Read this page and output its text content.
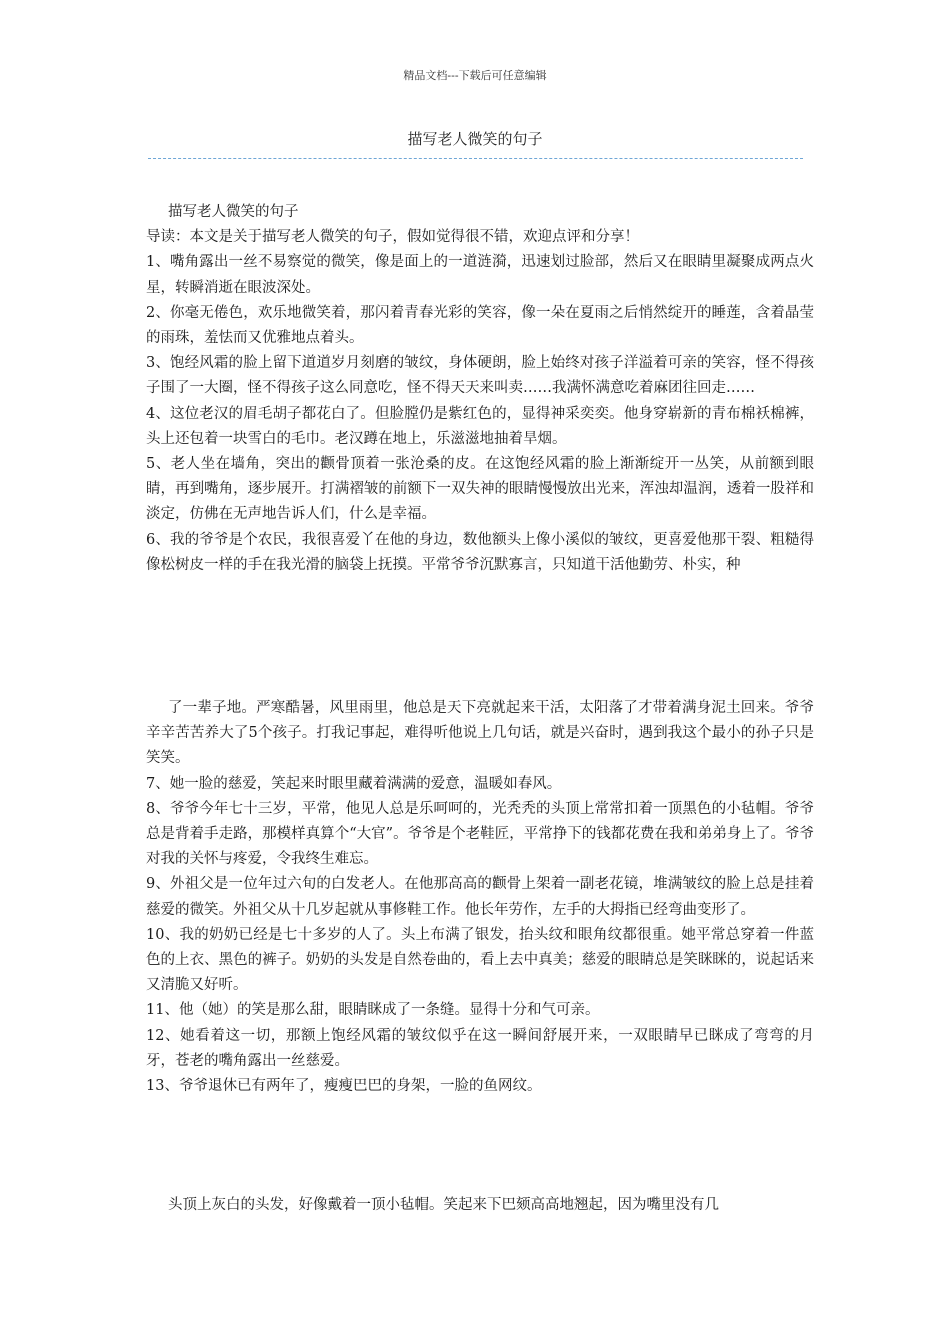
精品文档---下载后可任意编辑
描写老人微笑的句子

描写老人微笑的句子

导读：本文是关于描写老人微笑的句子，假如觉得很不错，欢迎点评和分享！

1、嘴角露出一丝不易察觉的微笑，像是面上的一道涟漪，迅速划过脸部，然后又在眼睛里凝聚成两点火星，转瞬消逝在眼波深处。

2、你毫无倦色，欢乐地微笑着，那闪着青春光彩的笑容，像一朵在夏雨之后悄然绽开的睡莲，含着晶莹的雨珠，羞怯而又优雅地点着头。

3、饱经风霜的脸上留下道道岁月刻磨的皱纹，身体硬朗，脸上始终对孩子洋溢着可亲的笑容，怪不得孩子围了一大圈，怪不得孩子这么同意吃，怪不得天天来叫卖……我满怀满意吃着麻团往回走……

4、这位老汉的眉毛胡子都花白了。但脸膛仍是紫红色的，显得神采奕奕。他身穿崭新的青布棉袄棉裤，头上还包着一块雪白的毛巾。老汉蹲在地上，乐滋滋地抽着旱烟。

5、老人坐在墙角，突出的颧骨顶着一张沧桑的皮。在这饱经风霜的脸上渐渐绽开一丛笑，从前额到眼睛，再到嘴角，逐步展开。打满褶皱的前额下一双失神的眼睛慢慢放出光来，浑浊却温润，透着一股祥和淡定，仿佛在无声地告诉人们，什么是幸福。

6、我的爷爷是个农民，我很喜爱丫在他的身边，数他额头上像小溪似的皱纹，更喜爱他那干裂、粗糙得像松树皮一样的手在我光滑的脑袋上抚摸。平常爷爷沉默寡言，只知道干活他勤劳、朴实，种

了一辈子地。严寒酷暑，风里雨里，他总是天下亮就起来干活，太阳落了才带着满身泥土回来。爷爷辛辛苦苦养大了5个孩子。打我记事起，难得听他说上几句话，就是兴奋时，遇到我这个最小的孙子只是笑笑。

7、她一脸的慈爱，笑起来时眼里藏着满满的爱意，温暖如春风。

8、爷爷今年七十三岁，平常，他见人总是乐呵呵的，光秃秃的头顶上常常扣着一顶黑色的小毡帽。爷爷总是背着手走路，那模样真算个“大官”。爷爷是个老鞋匠，平常挣下的钱都花费在我和弟弟身上了。爷爷对我的关怀与疼爱，令我终生难忘。

9、外祖父是一位年过六旬的白发老人。在他那高高的颧骨上架着一副老花镜，堆满皱纹的脸上总是挂着慈爱的微笑。外祖父从十几岁起就从事修鞋工作。他长年劳作，左手的大拇指已经弯曲变形了。

10、我的奶奶已经是七十多岁的人了。头上布满了银发，抬头纹和眼角纹都很重。她平常总穿着一件蓝色的上衣、黑色的裤子。奶奶的头发是自然卷曲的，看上去中真美；慈爱的眼睛总是笑眯眯的，说起话来又清脆又好听。

11、他（她）的笑是那么甜，眼睛眯成了一条缝。显得十分和气可亲。

12、她看着这一切，那额上饱经风霜的皱纹似乎在这一瞬间舒展开来，一双眼睛早已眯成了弯弯的月牙，苍老的嘴角露出一丝慈爱。

13、爷爷退休已有两年了，瘦瘦巴巴的身架，一脸的鱼网纹。

头顶上灰白的头发，好像戴着一顶小毡帽。笑起来下巴颏高高地翘起，因为嘴里没有几
